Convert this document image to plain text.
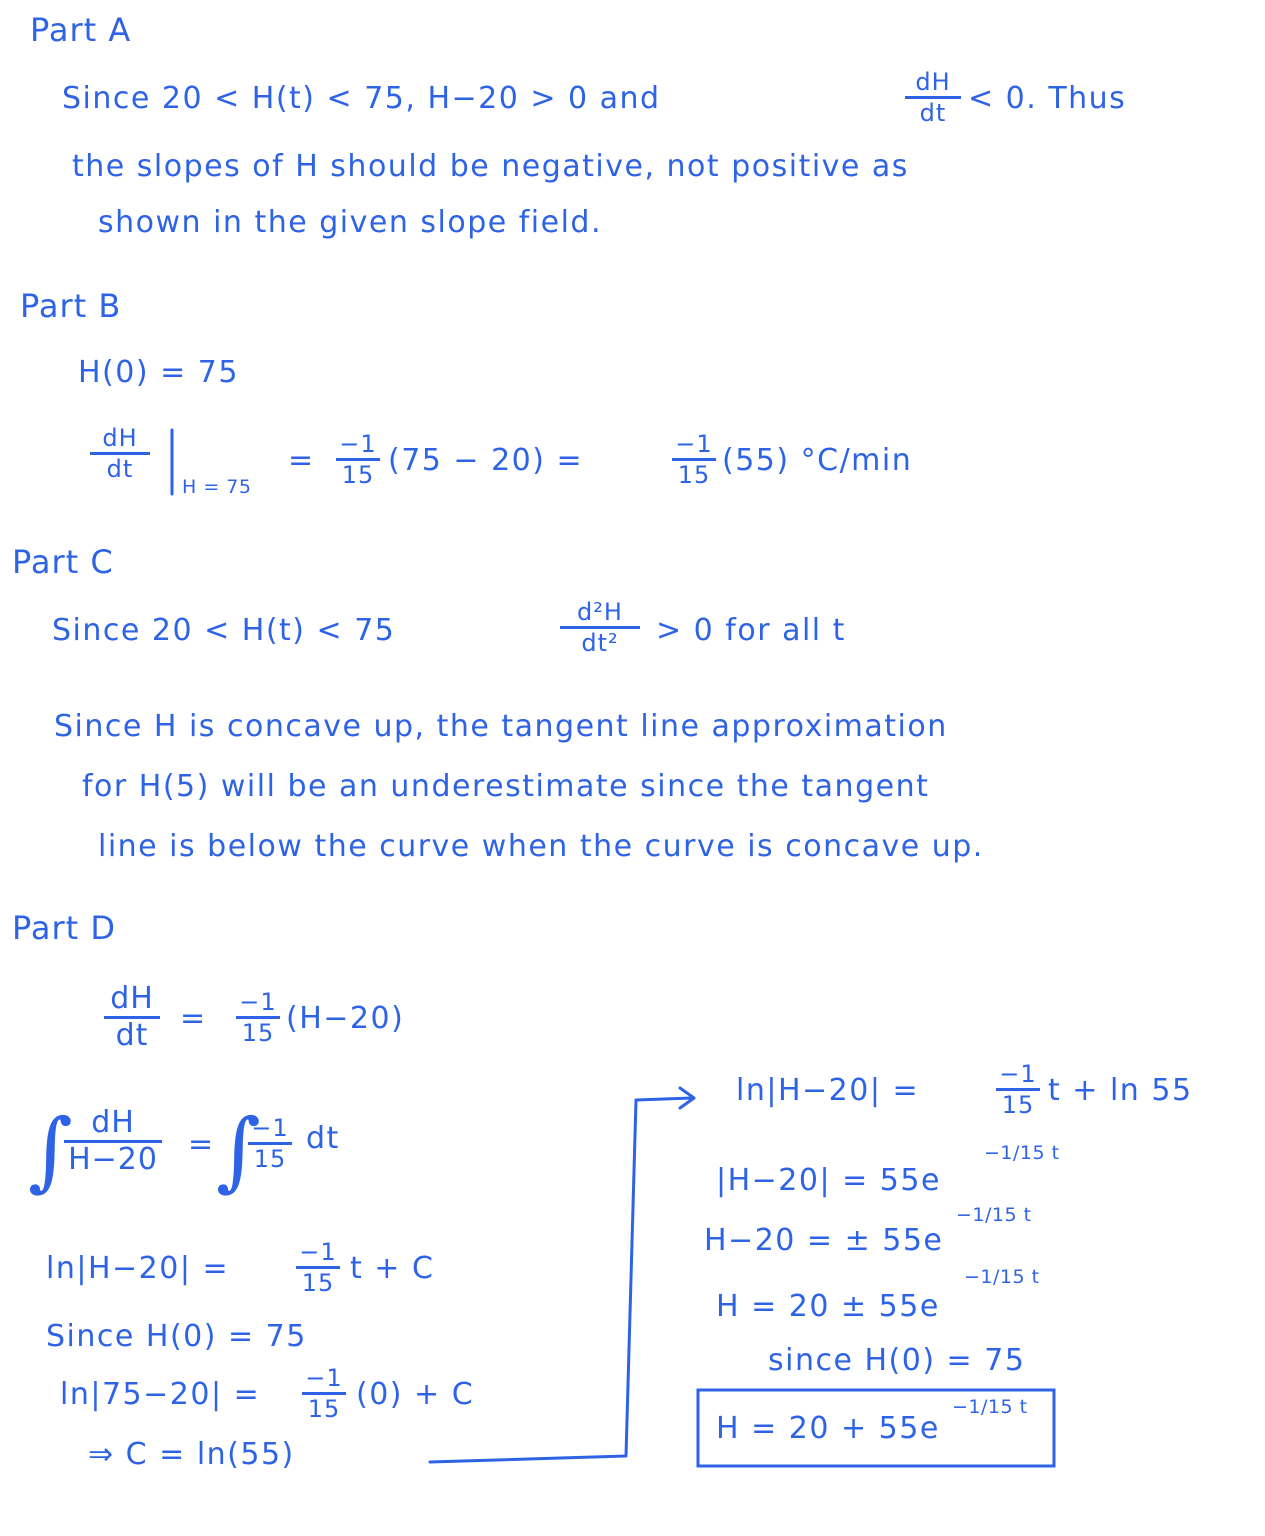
Part A
Since 20 < H(t) < 75, H−20 > 0 and	dH
dt < 0. Thus
the slopes of H should be negative, not positive as
shown in the given slope field.
Part B
H(0) = 75
dH
dt
H = 75
= −1
15 (75 − 20) =	−1
15 (55) °C/min
Part C
Since 20 < H(t) < 75
d²H
dt²	> 0 for all t
Since H is concave up, the tangent line approximation
for H(5) will be an underestimate since the tangent
line is below the curve when the curve is concave up.
Part D
dH
dt	= −1
15 (H−20)
∫ dH
H−20 = ∫
−1
15
dt
ln|H−20| =	−1
15 t + C
Since H(0) = 75
ln|75−20| = −1
15 (0) + C
⇒ C = ln(55)
ln|H−20| =	−1
15 t + ln 55
|H−20| = 55e
−1/15 t
H−20 = ± 55e
−1/15 t
H = 20 ± 55e
−1/15 t
since H(0) = 75
H = 20 + 55e
−1/15 t
